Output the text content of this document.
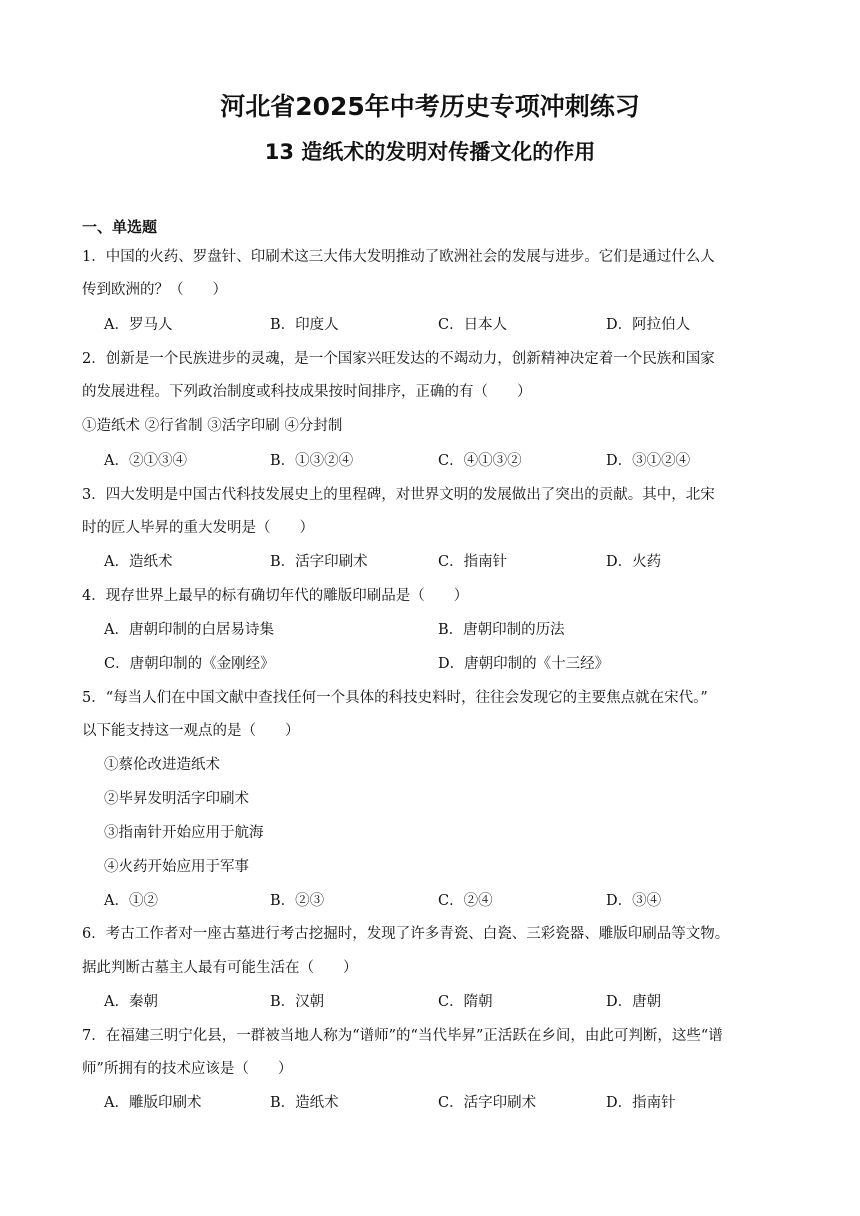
河北省2025年中考历史专项冲刺练习
13 造纸术的发明对传播文化的作用
一、单选题
1．中国的火药、罗盘针、印刷术这三大伟大发明推动了欧洲社会的发展与进步。它们是通过什么人
传到欧洲的？（　　）
A．罗马人	B．印度人	C．日本人	D．阿拉伯人
2．创新是一个民族进步的灵魂，是一个国家兴旺发达的不竭动力，创新精神决定着一个民族和国家
的发展进程。下列政治制度或科技成果按时间排序，正确的有（　　）
①造纸术 ②行省制 ③活字印刷 ④分封制
A．②①③④	B．①③②④	C．④①③②	D．③①②④
3．四大发明是中国古代科技发展史上的里程碑，对世界文明的发展做出了突出的贡献。其中，北宋
时的匠人毕昇的重大发明是（　　）
A．造纸术	B．活字印刷术	C．指南针	D．火药
4．现存世界上最早的标有确切年代的雕版印刷品是（　　）
A．唐朝印制的白居易诗集	B．唐朝印制的历法
C．唐朝印制的《金刚经》	D．唐朝印制的《十三经》
5．“每当人们在中国文献中查找任何一个具体的科技史料时，往往会发现它的主要焦点就在宋代。”
以下能支持这一观点的是（　　）
①蔡伦改进造纸术
②毕昇发明活字印刷术
③指南针开始应用于航海
④火药开始应用于军事
A．①②	B．②③	C．②④	D．③④
6．考古工作者对一座古墓进行考古挖掘时，发现了许多青瓷、白瓷、三彩瓷器、雕版印刷品等文物。
据此判断古墓主人最有可能生活在（　　）
A．秦朝	B．汉朝	C．隋朝	D．唐朝
7．在福建三明宁化县，一群被当地人称为“谱师”的“当代毕昇”正活跃在乡间，由此可判断，这些“谱
师”所拥有的技术应该是（　　）
A．雕版印刷术	B．造纸术	C．活字印刷术	D．指南针
